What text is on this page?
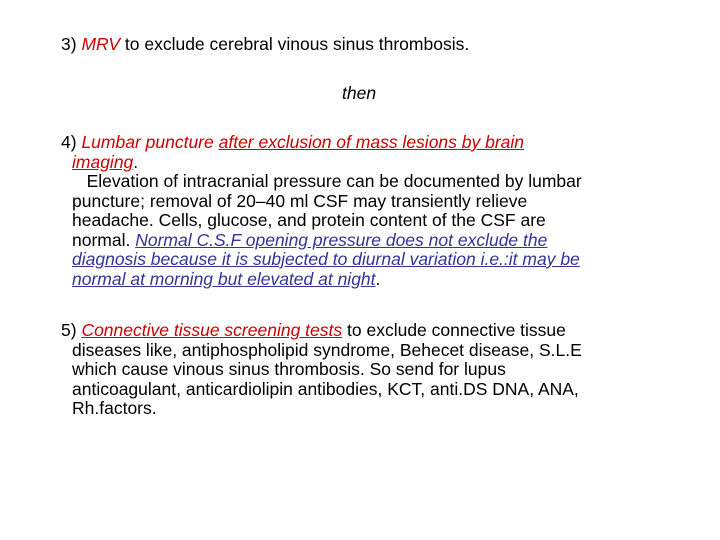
3) MRV to exclude cerebral vinous sinus thrombosis.
then
4) Lumbar puncture after exclusion of mass lesions by brain
imaging.
Elevation of intracranial pressure can be documented by lumbar
puncture; removal of 20–40 ml CSF may transiently relieve
headache. Cells, glucose, and protein content of the CSF are
normal. Normal C.S.F opening pressure does not exclude the
diagnosis because it is subjected to diurnal variation i.e.:it may be
normal at morning but elevated at night.
5) Connective tissue screening tests to exclude connective tissue
diseases like, antiphospholipid syndrome, Behecet disease, S.L.E
which cause vinous sinus thrombosis. So send for lupus
anticoagulant, anticardiolipin antibodies, KCT, anti.DS DNA, ANA,
Rh.factors.
